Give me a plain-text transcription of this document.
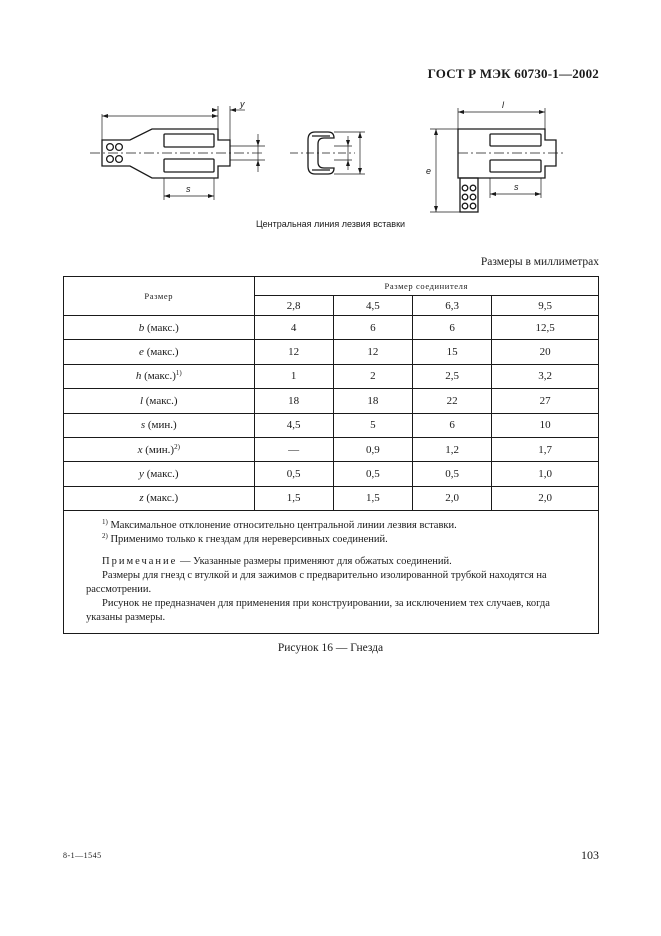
ГОСТ Р МЭК 60730-1—2002
y
s
l
e
s
Центральная линия лезвия вставки
Размеры в миллиметрах
Размер	Размер соединителя			
	2,8	4,5	6,3	9,5
b (макс.)	4	6	6	12,5
e (макс.)	12	12	15	20
h (макс.)$^{1)}$	1	2	2,5	3,2
l (макс.)	18	18	22	27
s (мин.)	4,5	5	6	10
x $(мин.)^{2)}$	—	0,9	1,2	1,7
y (макс.)	0,5	0,5	0,5	1,0
z (макс.)	1,5	1,5	2,0	2,0
$^{1)}$ Максимальное отклонение относительно центральной линии лезвия вставки.
$^{2)}$ Применимо только к гнездам для нереверсивных соединений.

Примечание — Указанные размеры применяют для обжатых соединений.

Размеры для гнезд с втулкой и для зажимов с предварительно изолированной трубкой находятся на рассмотрении.

Рисунок не предназначен для применения при конструировании, за исключением тех случаев, когда указаны размеры.

Рисунок 16 — Гнезда
8-1—1545	103
